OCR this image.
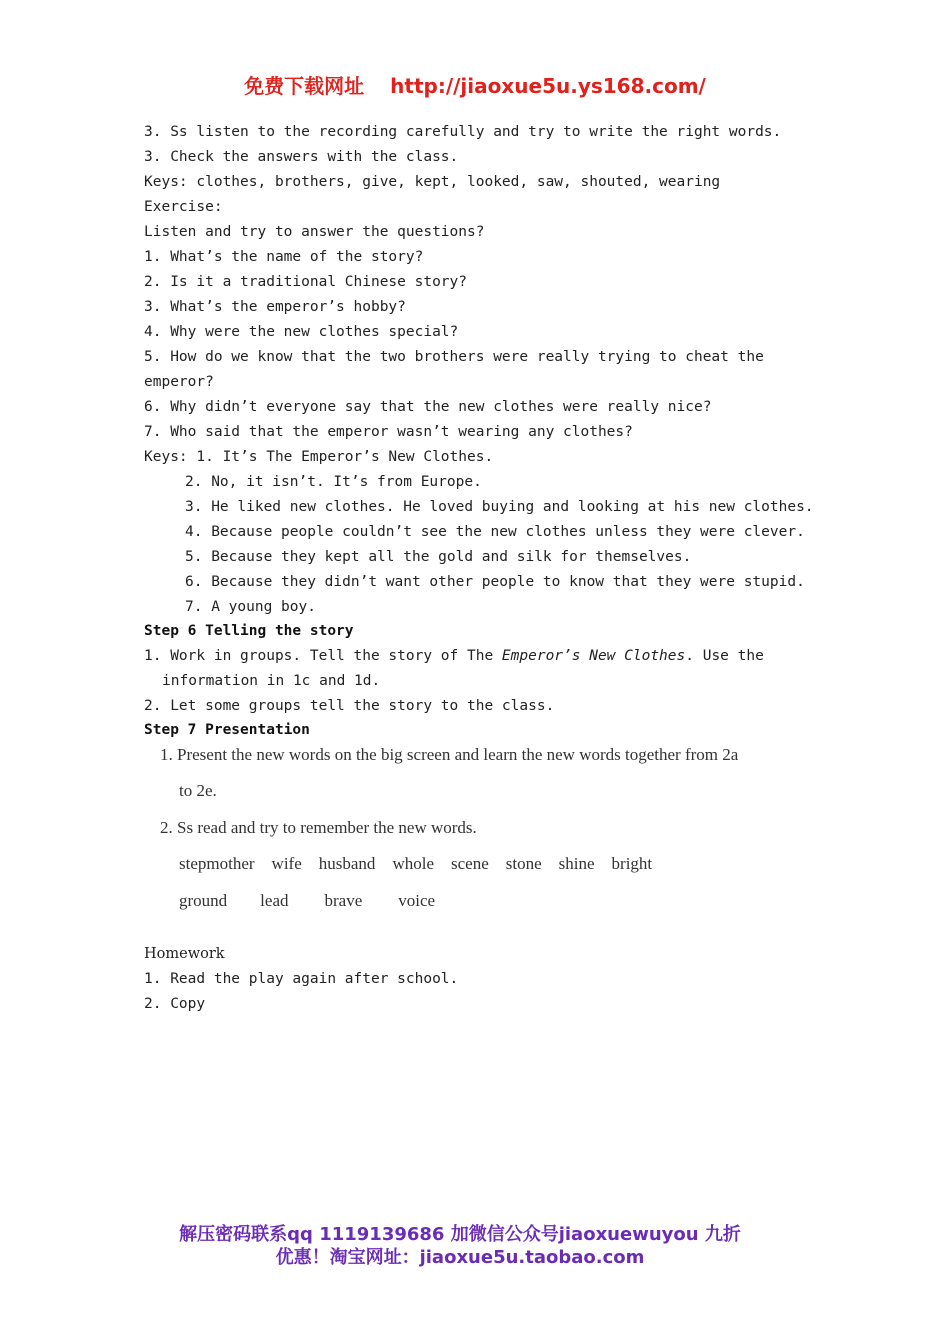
免费下载网址 http://jiaoxue5u.ys168.com/
3. Ss listen to the recording carefully and try to write the right words.
3. Check the answers with the class.
Keys: clothes, brothers, give, kept, looked, saw, shouted, wearing
Exercise:
Listen and try to answer the questions?
1. What’s the name of the story?
2. Is it a traditional Chinese story?
3. What’s the emperor’s hobby?
4. Why were the new clothes special?
5. How do we know that the two brothers were really trying to cheat the
emperor?
6. Why didn’t everyone say that the new clothes were really nice?
7. Who said that the emperor wasn’t wearing any clothes?
Keys: 1. It’s The Emperor’s New Clothes.
2. No, it isn’t. It’s from Europe.
3. He liked new clothes. He loved buying and looking at his new clothes.
4. Because people couldn’t see the new clothes unless they were clever.
5. Because they kept all the gold and silk for themselves.
6. Because they didn’t want other people to know that they were stupid.
7. A young boy.
Step 6 Telling the story
1. Work in groups. Tell the story of The Emperor’s New Clothes. Use the
information in 1c and 1d.
2. Let some groups tell the story to the class.
Step 7 Presentation
1. Present the new words on the big screen and learn the new words together from 2a
to 2e.
2. Ss read and try to remember the new words.
stepmother wife husband whole scene stone shine bright
ground lead brave voice
Homework
1. Read the play again after school.
2. Copy
解压密码联系qq 1119139686 加微信公众号jiaoxuewuyou 九折
优惠！淘宝网址：jiaoxue5u.taobao.com
